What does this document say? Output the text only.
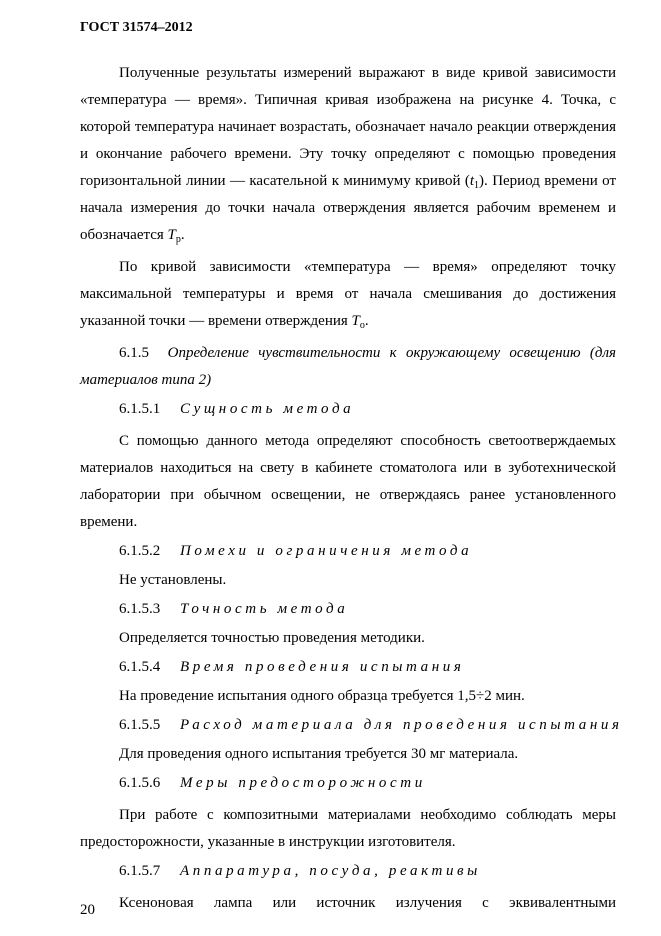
ГОСТ 31574–2012

Полученные результаты измерений выражают в виде кривой зависимости «температура — время». Типичная кривая изображена на рисунке 4. Точка, с которой температура начинает возрастать, обозначает начало реакции отверждения и окончание рабочего времени. Эту точку определяют с помощью проведения горизонтальной линии — касательной к минимуму кривой $(t_1)$. Период времени от начала измерения до точки начала отверждения является рабочим временем и обозначается $T_р$.

По кривой зависимости «температура — время» определяют точку максимальной температуры и время от начала смешивания до достижения указанной точки — времени отверждения $T_о$.

6.1.5 Определение чувствительности к окружающему освещению (для материалов типа 2)

6.1.5.1 Сущность метода

С помощью данного метода определяют способность светоотверждаемых материалов находиться на свету в кабинете стоматолога или в зуботехнической лаборатории при обычном освещении, не отверждаясь ранее установленного времени.

6.1.5.2 Помехи и ограничения метода
Не установлены.
6.1.5.3 Точность метода
Определяется точностью проведения методики.
6.1.5.4 Время проведения испытания
На проведение испытания одного образца требуется 1,5÷2 мин.
6.1.5.5 Расход материала для проведения испытания
Для проведения одного испытания требуется 30 мг материала.
6.1.5.6 Меры предосторожности

При работе с композитными материалами необходимо соблюдать меры предосторожности, указанные в инструкции изготовителя.

6.1.5.7 Аппаратура, посуда, реактивы

Ксеноновая лампа или источник излучения с эквивалентными

20
